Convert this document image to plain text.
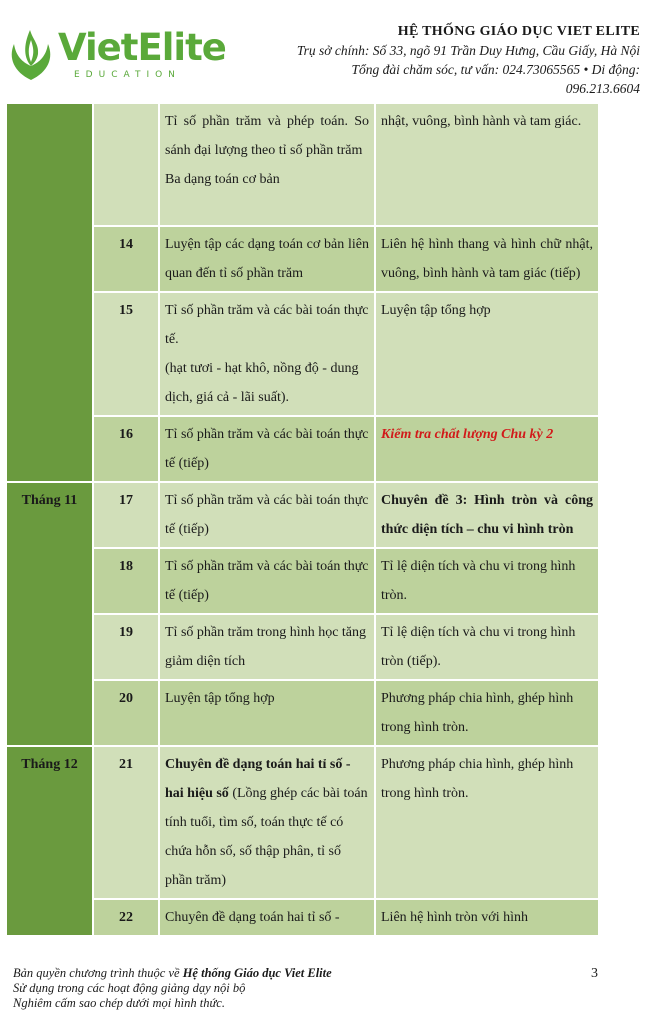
VietElite
EDUCATION
HỆ THỐNG GIÁO DỤC VIET ELITE
Trụ sở chính: Số 33, ngõ 91 Trần Duy Hưng, Cầu Giấy, Hà Nội
Tổng đài chăm sóc, tư vấn: 024.73065565 • Di động:
096.213.6604

		Tỉ số phần trăm và phép toán. So sánh đại lượng theo tỉ số phần trăm
Ba dạng toán cơ bản	nhật, vuông, bình hành và tam giác.
	14	Luyện tập các dạng toán cơ bản liên quan đến tỉ số phần trăm	Liên hệ hình thang và hình chữ nhật, vuông, bình hành và tam giác (tiếp)
	15	Tỉ số phần trăm và các bài toán thực tế.
(hạt tươi - hạt khô, nồng độ - dung dịch, giá cả - lãi suất).	Luyện tập tổng hợp
	16	Tỉ số phần trăm và các bài toán thực tế (tiếp)	Kiểm tra chất lượng Chu kỳ 2
Tháng 11	17	Tỉ số phần trăm và các bài toán thực tế (tiếp)	Chuyên đề 3: Hình tròn và công thức diện tích – chu vi hình tròn
	18	Tỉ số phần trăm và các bài toán thực tế (tiếp)	Tỉ lệ diện tích và chu vi trong hình tròn.
	19	Tỉ số phần trăm trong hình học tăng giảm diện tích	Tỉ lệ diện tích và chu vi trong hình tròn (tiếp).
	20	Luyện tập tổng hợp	Phương pháp chia hình, ghép hình trong hình tròn.
Tháng 12	21	Chuyên đề dạng toán hai tỉ số - hai hiệu số (Lồng ghép các bài toán tính tuổi, tìm số, toán thực tế có chứa hỗn số, số thập phân, tỉ số phần trăm)	Phương pháp chia hình, ghép hình trong hình tròn.
	22	Chuyên đề dạng toán hai tỉ số -	Liên hệ hình tròn với hình
Bản quyền chương trình thuộc về Hệ thống Giáo dục Viet Elite
Sử dụng trong các hoạt động giảng dạy nội bộ
Nghiêm cấm sao chép dưới mọi hình thức.
3
